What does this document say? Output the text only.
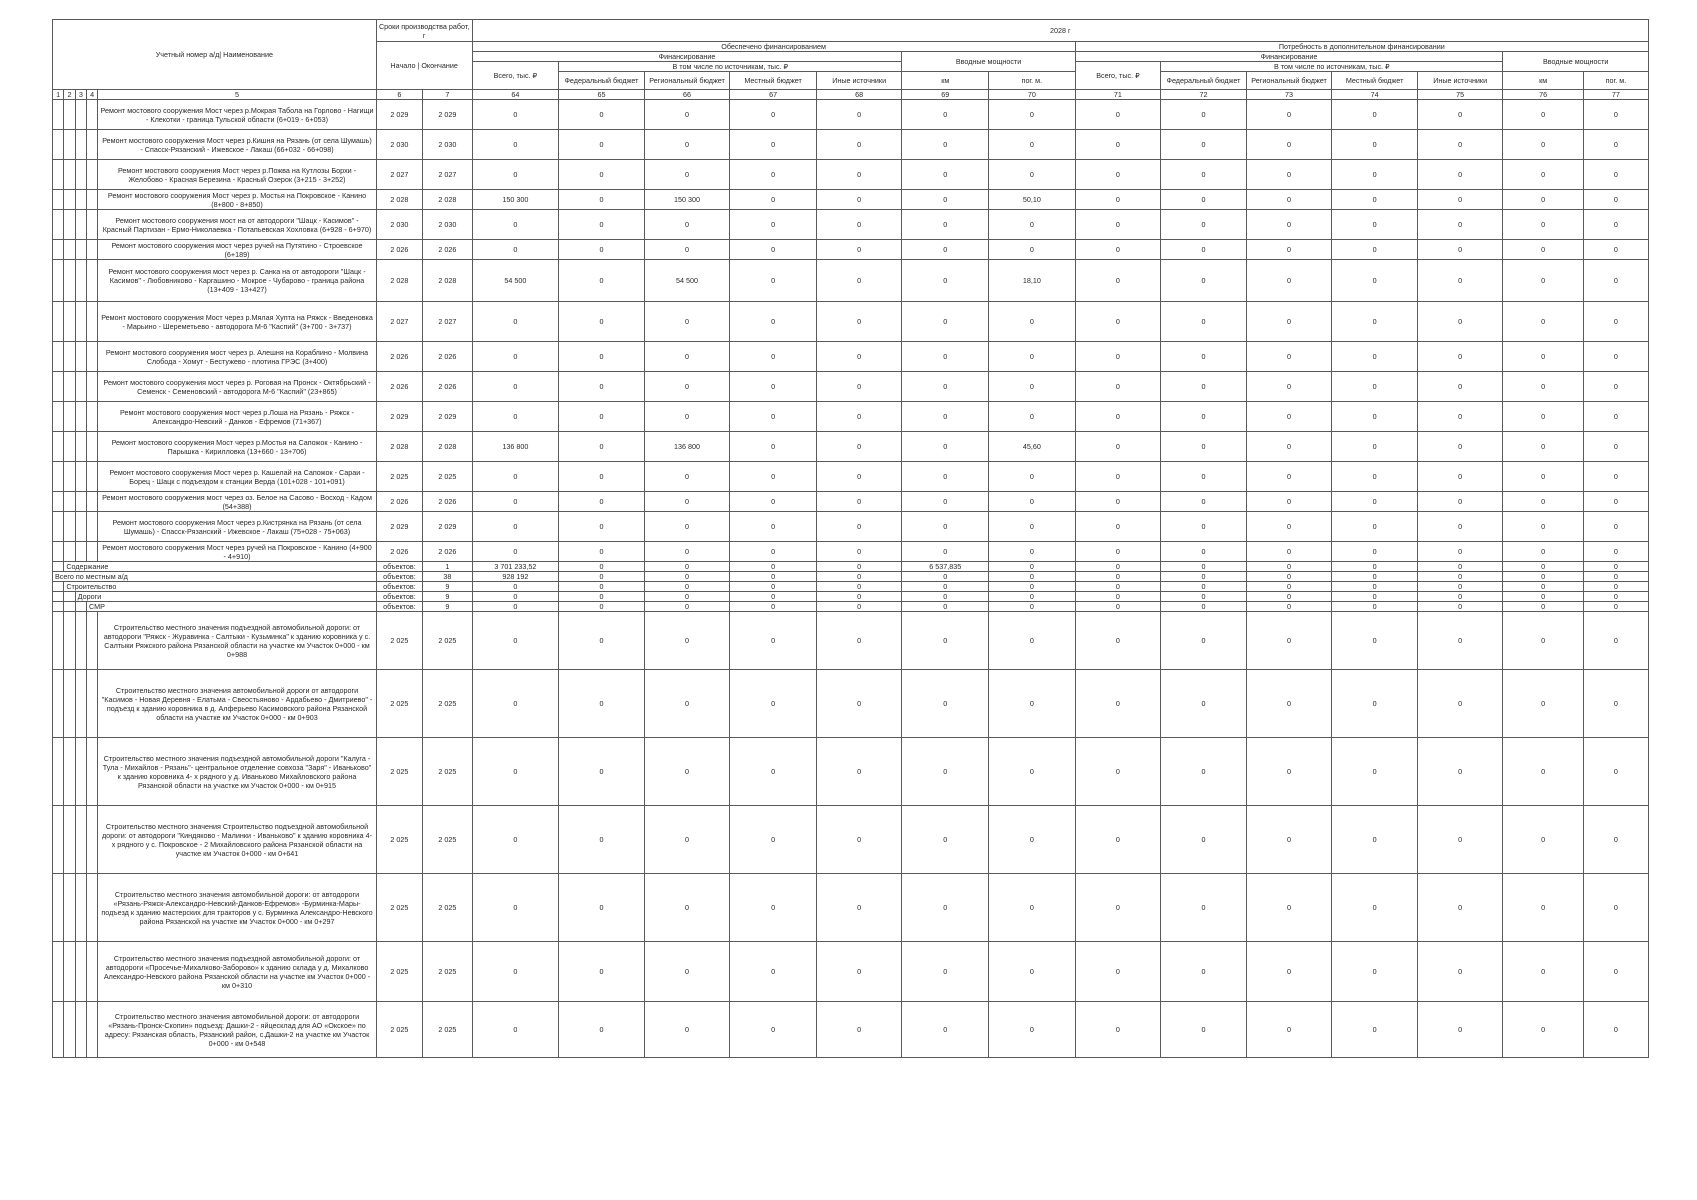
Учетный номер а/д| Наименование					Сроки производства работ, г		2028 г													
					Начало | Окончание		Обеспечено финансированием							Потребность в дополнительном финансировании						
							Финансирование					Вводные мощности		Финансирование					Вводные мощности	
							Всего, тыс. ₽	В том числе по источникам, тыс. ₽						Всего, тыс. ₽	В том числе по источникам, тыс. ₽					
								Федеральный бюджет	Региональный бюджет	Местный бюджет	Иные источники	км	пог. м.		Федеральный бюджет	Региональный бюджет	Местный бюджет	Иные источники	км	пог. м.
1	2	3	4	5	6	7	64	65	66	67	68	69	70	71	72	73	74	75	76	77
				Ремонт мостового сооружения Мост через р.Мокрая Табола на Горлово - Нагищи - Клекотки - граница Тульской области (6+019 - 6+053)	2 029	2 029	0	0	0	0	0	0	0	0	0	0	0	0	0	0
				Ремонт мостового сооружения Мост через р.Кишня на Рязань (от села Шумашь) - Спасск-Рязанский - Ижевское - Лакаш (66+032 - 66+098)	2 030	2 030	0	0	0	0	0	0	0	0	0	0	0	0	0	0
				Ремонт мостового сооружения Мост через р.Пожва на Кутлозы Борхи - Желобово - Красная Березина - Красный Озерок (3+215 - 3+252)	2 027	2 027	0	0	0	0	0	0	0	0	0	0	0	0	0	0
				Ремонт мостового сооружения Мост через р. Мостья на Покровское - Канино (8+800 - 8+850)	2 028	2 028	150 300	0	150 300	0	0	0	50,10	0	0	0	0	0	0	0
				Ремонт мостового сооружения мост на от автодороги "Шацк - Касимов" - Красный Партизан - Ермо-Николаевка - Потапьевская Хохловка (6+928 - 6+970)	2 030	2 030	0	0	0	0	0	0	0	0	0	0	0	0	0	0
				Ремонт мостового сооружения мост через ручей на Путятино - Строевское (6+189)	2 026	2 026	0	0	0	0	0	0	0	0	0	0	0	0	0	0
				Ремонт мостового сооружения мост через р. Санка на от автодороги "Шацк - Касимов" - Любовниково - Каргашино - Мокрое - Чубарово - граница района (13+409 - 13+427)	2 028	2 028	54 500	0	54 500	0	0	0	18,10	0	0	0	0	0	0	0
				Ремонт мостового сооружения Мост через р.Мялая Хупта на Ряжск - Введеновка - Марьино - Шереметьево - автодорога М-6 "Каспий" (3+700 - 3+737)	2 027	2 027	0	0	0	0	0	0	0	0	0	0	0	0	0	0
				Ремонт мостового сооружения мост через р. Алешня на Кораблино - Молвина Слобода - Хомут - Бестужево - плотина ГРЭС (3+400)	2 026	2 026	0	0	0	0	0	0	0	0	0	0	0	0	0	0
				Ремонт мостового сооружения мост через р. Роговая на Пронск - Октябрьский - Семенск - Семеновский - автодорога М-6 "Каспий" (23+865)	2 026	2 026	0	0	0	0	0	0	0	0	0	0	0	0	0	0
				Ремонт мостового сооружения мост через р.Лоша на Рязань - Ряжск - Александро-Невский - Данков - Ефремов (71+367)	2 029	2 029	0	0	0	0	0	0	0	0	0	0	0	0	0	0
				Ремонт мостового сооружения Мост через р.Мостья на Сапожок - Канино - Парышка - Кирилловка (13+660 - 13+706)	2 028	2 028	136 800	0	136 800	0	0	0	45,60	0	0	0	0	0	0	0
				Ремонт мостового сооружения Мост через р. Кашелай на Сапожок - Сараи - Борец - Шацк с подъездом к станции Верда (101+028 - 101+091)	2 025	2 025	0	0	0	0	0	0	0	0	0	0	0	0	0	0
				Ремонт мостового сооружения мост через оз. Белое на Сасово - Восход - Кадом (54+388)	2 026	2 026	0	0	0	0	0	0	0	0	0	0	0	0	0	0
				Ремонт мостового сооружения Мост через р.Кистрянка на Рязань (от села Шумашь) - Спасск-Рязанский - Ижевское - Лакаш (75+028 - 75+063)	2 029	2 029	0	0	0	0	0	0	0	0	0	0	0	0	0	0
				Ремонт мостового сооружения Мост через ручей на Покровское - Канино (4+900 - 4+910)	2 026	2 026	0	0	0	0	0	0	0	0	0	0	0	0	0	0
	Содержание				объектов:	1	3 701 233,52	0	0	0	0	6 537,835	0	0	0	0	0	0	0	0
Всего по местным а/д					объектов:	38	928 192	0	0	0	0	0	0	0	0	0	0	0	0	0
	Строительство				объектов:	9	0	0	0	0	0	0	0	0	0	0	0	0	0	0
		Дороги			объектов:	9	0	0	0	0	0	0	0	0	0	0	0	0	0	0
			СМР		объектов:	9	0	0	0	0	0	0	0	0	0	0	0	0	0	0
				Строительство местного значения подъездной автомобильной дороги: от автодороги "Ряжск - Журавинка - Салтыки - Кузьминка" к зданию коровника у с. Салтыки Ряжского района Рязанской области на участке км Участок 0+000 - км 0+988	2 025	2 025	0	0	0	0	0	0	0	0	0	0	0	0	0	0
				Строительство местного значения автомобильной дороги от автодороги "Касимов - Новая Деревня - Елатьма - Свеостьяново - Ардабьево - Дмитриево" - подъезд к зданию коровника в д. Алферьево Касимовского района Рязанской области на участке км Участок 0+000 - км 0+903	2 025	2 025	0	0	0	0	0	0	0	0	0	0	0	0	0	0
				Строительство местного значения подъездной автомобильной дороги "Калуга - Тула - Михайлов - Рязань"- центральное отделение совхоза "Заря" - Иваньково" к зданию коровника 4- х рядного у д. Иваньково Михайловского района Рязанской области на участке км Участок 0+000 - км 0+915	2 025	2 025	0	0	0	0	0	0	0	0	0	0	0	0	0	0
				Строительство местного значения Строительство подъездной автомобильной дороги: от автодороги "Киндяково - Малинки - Иваньково" к зданию коровника 4- х рядного у с. Покровское - 2 Михайловского района Рязанской области на участке км Участок 0+000 - км 0+641	2 025	2 025	0	0	0	0	0	0	0	0	0	0	0	0	0	0
				Строительство местного значения автомобильной дороги: от автодороги «Рязань-Ряжск-Александро-Невский-Данков-Ефремов» -Бурминка-Мары-подъезд к зданию мастерских для тракторов у с. Бурминка Александро-Невского района Рязанской на участке км Участок 0+000 - км 0+297	2 025	2 025	0	0	0	0	0	0	0	0	0	0	0	0	0	0
				Строительство местного значения подъездной автомобильной дороги: от автодороги «Просечье-Михалково-Заборово» к зданию склада у д. Михалково Александро-Невского района Рязанской области на участке км Участок 0+000 - км 0+310	2 025	2 025	0	0	0	0	0	0	0	0	0	0	0	0	0	0
				Строительство местного значения автомобильной дороги: от автодороги «Рязань-Пронск-Скопин» подъезд: Дашки-2 - яйцесклад для АО «Окское» по адресу: Рязанская область, Рязанский район, с.Дашки-2 на участке км Участок 0+000 - км 0+548	2 025	2 025	0	0	0	0	0	0	0	0	0	0	0	0	0	0
